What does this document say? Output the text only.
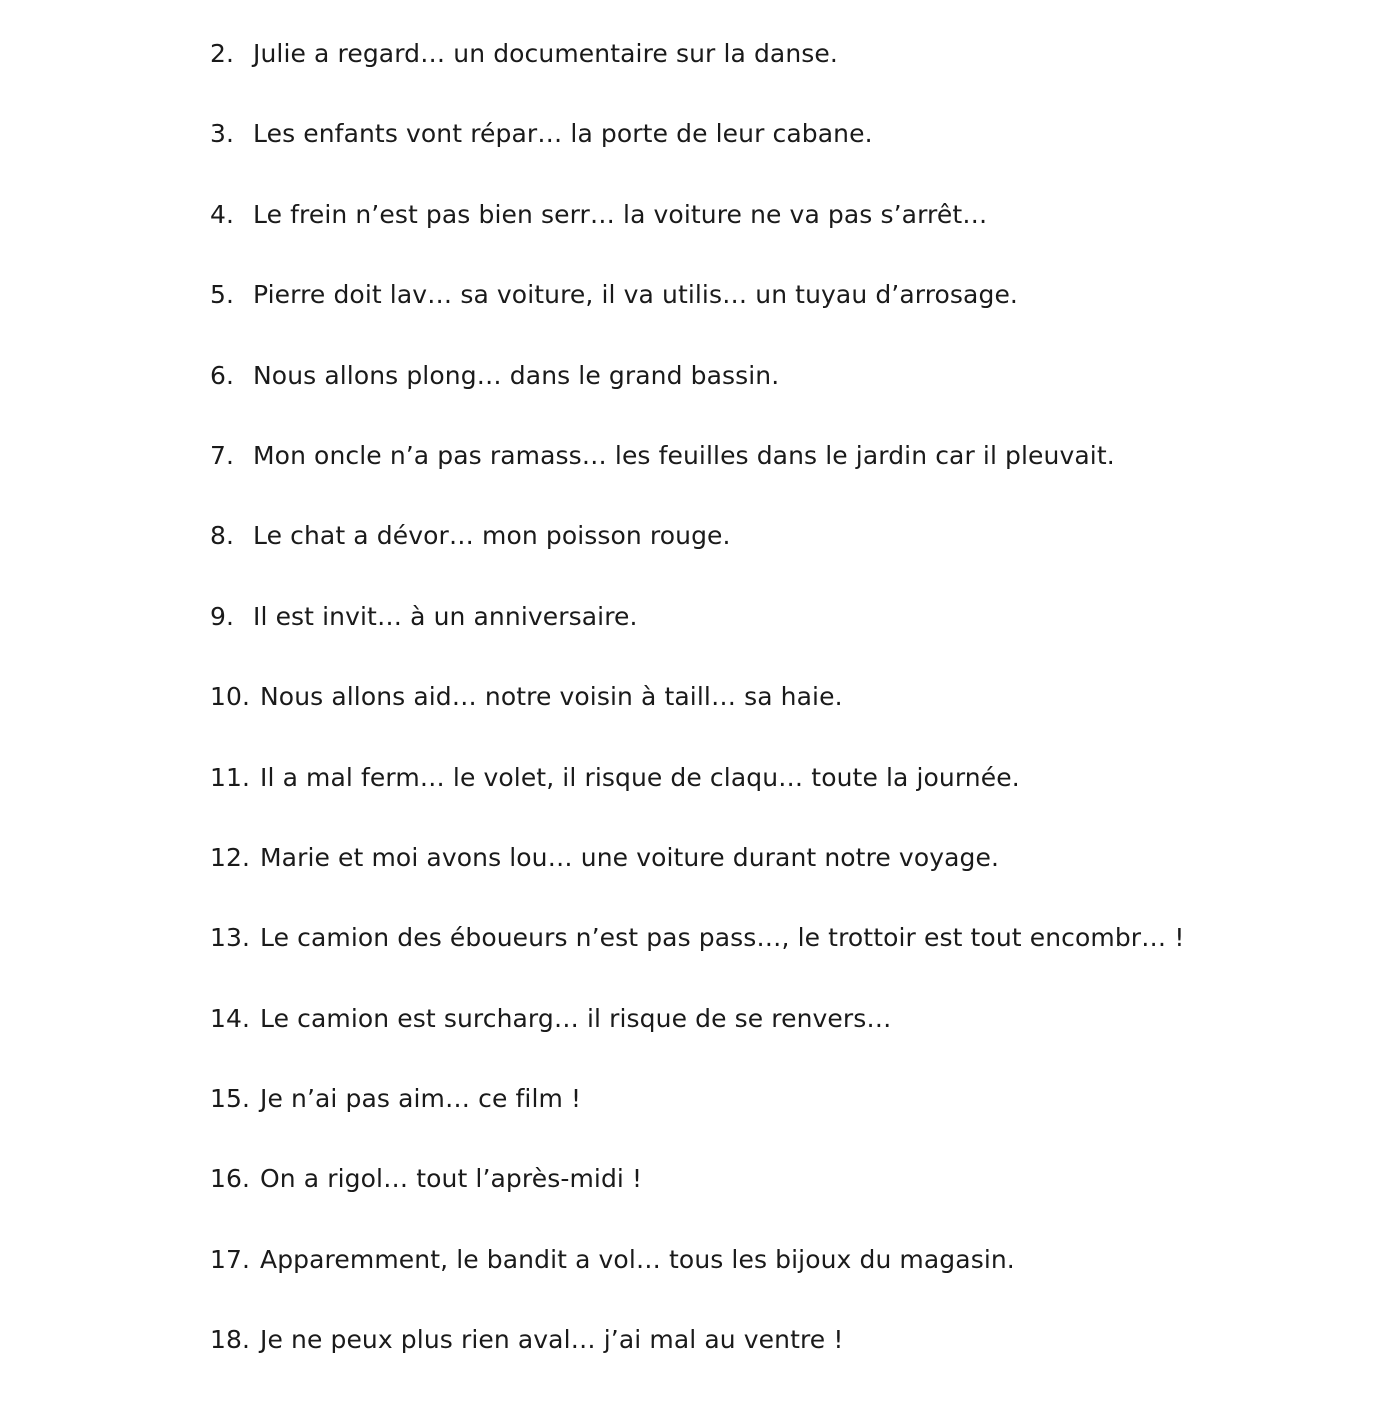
2. Julie a regard… un documentaire sur la danse.
3. Les enfants vont répar… la porte de leur cabane.
4. Le frein n’est pas bien serr… la voiture ne va pas s’arrêt…
5. Pierre doit lav… sa voiture, il va utilis… un tuyau d’arrosage.
6. Nous allons plong… dans le grand bassin.
7. Mon oncle n’a pas ramass… les feuilles dans le jardin car il pleuvait.
8. Le chat a dévor… mon poisson rouge.
9. Il est invit… à un anniversaire.
10. Nous allons aid… notre voisin à taill… sa haie.
11. Il a mal ferm… le volet, il risque de claqu… toute la journée.
12. Marie et moi avons lou… une voiture durant notre voyage.
13. Le camion des éboueurs n’est pas pass…, le trottoir est tout encombr… !
14. Le camion est surcharg… il risque de se renvers…
15. Je n’ai pas aim… ce film !
16. On a rigol… tout l’après-midi !
17. Apparemment, le bandit a vol… tous les bijoux du magasin.
18. Je ne peux plus rien aval… j’ai mal au ventre !
